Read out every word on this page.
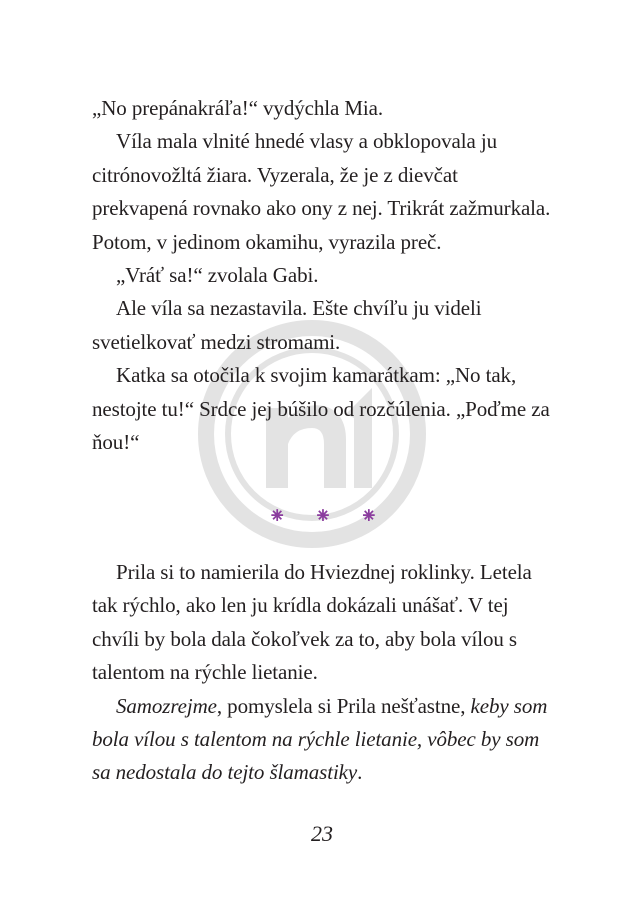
„No prepánakráľa!“ vydýchla Mia.

Víla mala vlnité hnedé vlasy a obklopovala ju citrónovožltá žiara. Vyzerala, že je z dievčat prekvapená rovnako ako ony z nej. Trikrát zažmurkala. Potom, v jedinom okamihu, vyrazila preč.

„Vráť sa!“ zvolala Gabi.

Ale víla sa nezastavila. Ešte chvíľu ju videli svetielkovať medzi stromami.

Katka sa otočila k svojim kamarátkam: „No tak, nestojte tu!“ Srdce jej búšilo od rozčúlenia. „Poďme za ňou!“

⁕ ⁕ ⁕

Prila si to namierila do Hviezdnej roklinky. Letela tak rýchlo, ako len ju krídla dokázali unášať. V tej chvíli by bola dala čokoľvek za to, aby bola vílou s talentom na rýchle lietanie.

Samozrejme, pomyslela si Prila nešťastne, keby som bola vílou s talentom na rýchle lietanie, vôbec by som sa nedostala do tejto šlamastiky.

23
